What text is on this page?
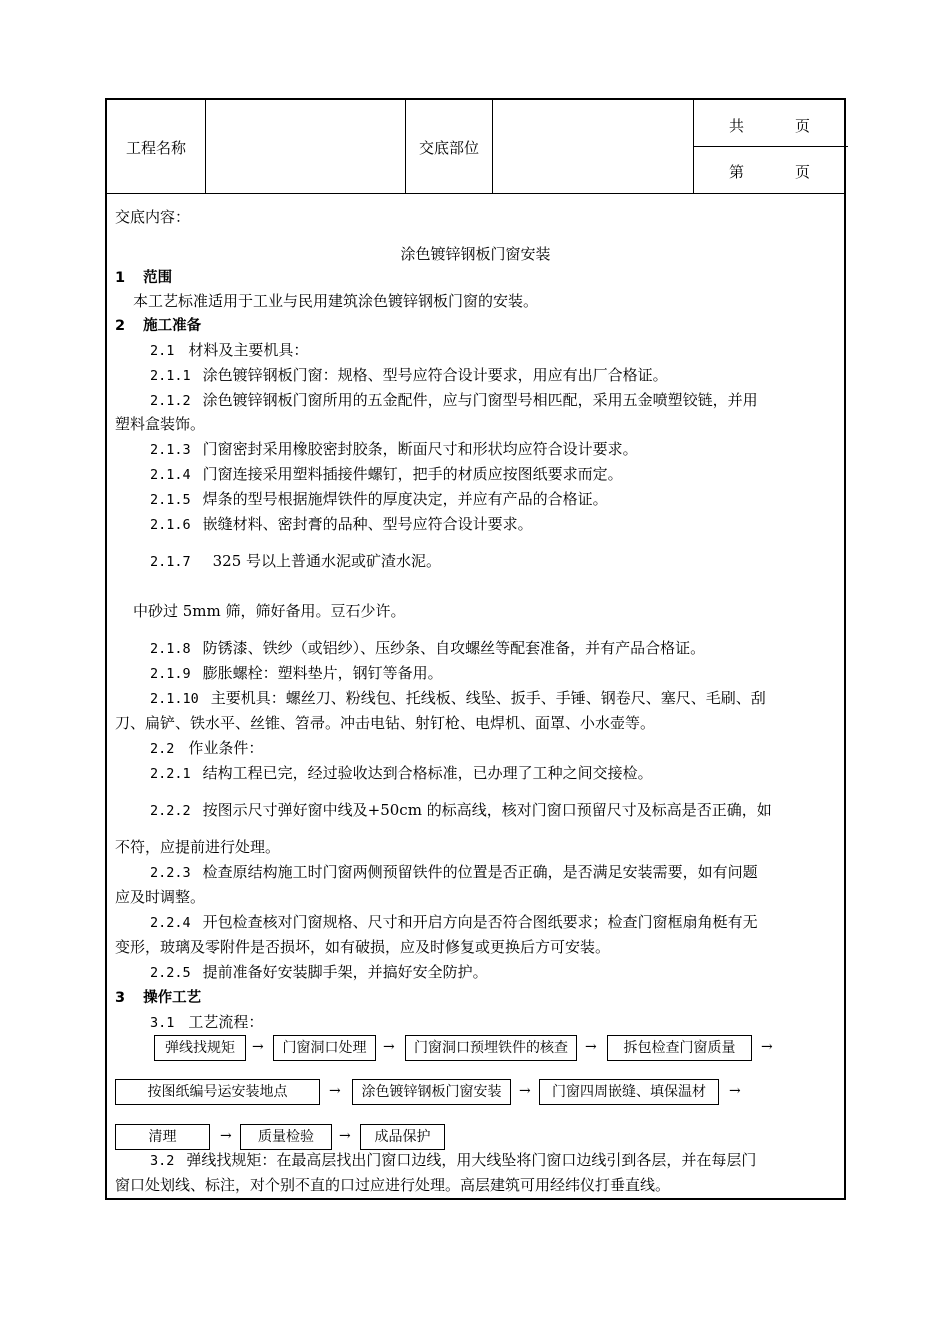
工程名称	交底部位
共	页
第	页
交底内容：
涂色镀锌钢板门窗安装
1 范围
本工艺标准适用于工业与民用建筑涂色镀锌钢板门窗的安装。
2 施工准备
2.1 材料及主要机具：
2.1.1 涂色镀锌钢板门窗：规格、型号应符合设计要求，用应有出厂合格证。
2.1.2 涂色镀锌钢板门窗所用的五金配件，应与门窗型号相匹配，采用五金喷塑铰链，并用
塑料盒装饰。
2.1.3 门窗密封采用橡胶密封胶条，断面尺寸和形状均应符合设计要求。
2.1.4 门窗连接采用塑料插接件螺钉，把手的材质应按图纸要求而定。
2.1.5 焊条的型号根据施焊铁件的厚度决定，并应有产品的合格证。
2.1.6 嵌缝材料、密封膏的品种、型号应符合设计要求。
2.1.7 325 号以上普通水泥或矿渣水泥。
中砂过 5mm 筛，筛好备用。豆石少许。
2.1.8 防锈漆、铁纱（或铝纱）、压纱条、自攻螺丝等配套准备，并有产品合格证。
2.1.9 膨胀螺栓：塑料垫片，钢钉等备用。
2.1.10 主要机具：螺丝刀、粉线包、托线板、线坠、扳手、手锤、钢卷尺、塞尺、毛刷、刮
刀、扁铲、铁水平、丝锥、笤帚。冲击电钻、射钉枪、电焊机、面罩、小水壶等。
2.2 作业条件：
2.2.1 结构工程已完，经过验收达到合格标准，已办理了工种之间交接检。
2.2.2 按图示尺寸弹好窗中线及+50cm 的标高线，核对门窗口预留尺寸及标高是否正确，如
不符，应提前进行处理。
2.2.3 检查原结构施工时门窗两侧预留铁件的位置是否正确，是否满足安装需要，如有问题
应及时调整。
2.2.4 开包检查核对门窗规格、尺寸和开启方向是否符合图纸要求；检查门窗框扇角梃有无
变形，玻璃及零附件是否损坏，如有破损，应及时修复或更换后方可安装。
2.2.5 提前准备好安装脚手架，并搞好安全防护。
3 操作工艺
3.1 工艺流程：
弹线找规矩	→	门窗洞口处理	→	门窗洞口预埋铁件的核查	→	拆包检查门窗质量	→
按图纸编号运安装地点	→	涂色镀锌钢板门窗安装	→	门窗四周嵌缝、填保温材	→
清理	→	质量检验	→	成品保护
3.2 弹线找规矩：在最高层找出门窗口边线，用大线坠将门窗口边线引到各层，并在每层门
窗口处划线、标注，对个别不直的口过应进行处理。高层建筑可用经纬仪打垂直线。
